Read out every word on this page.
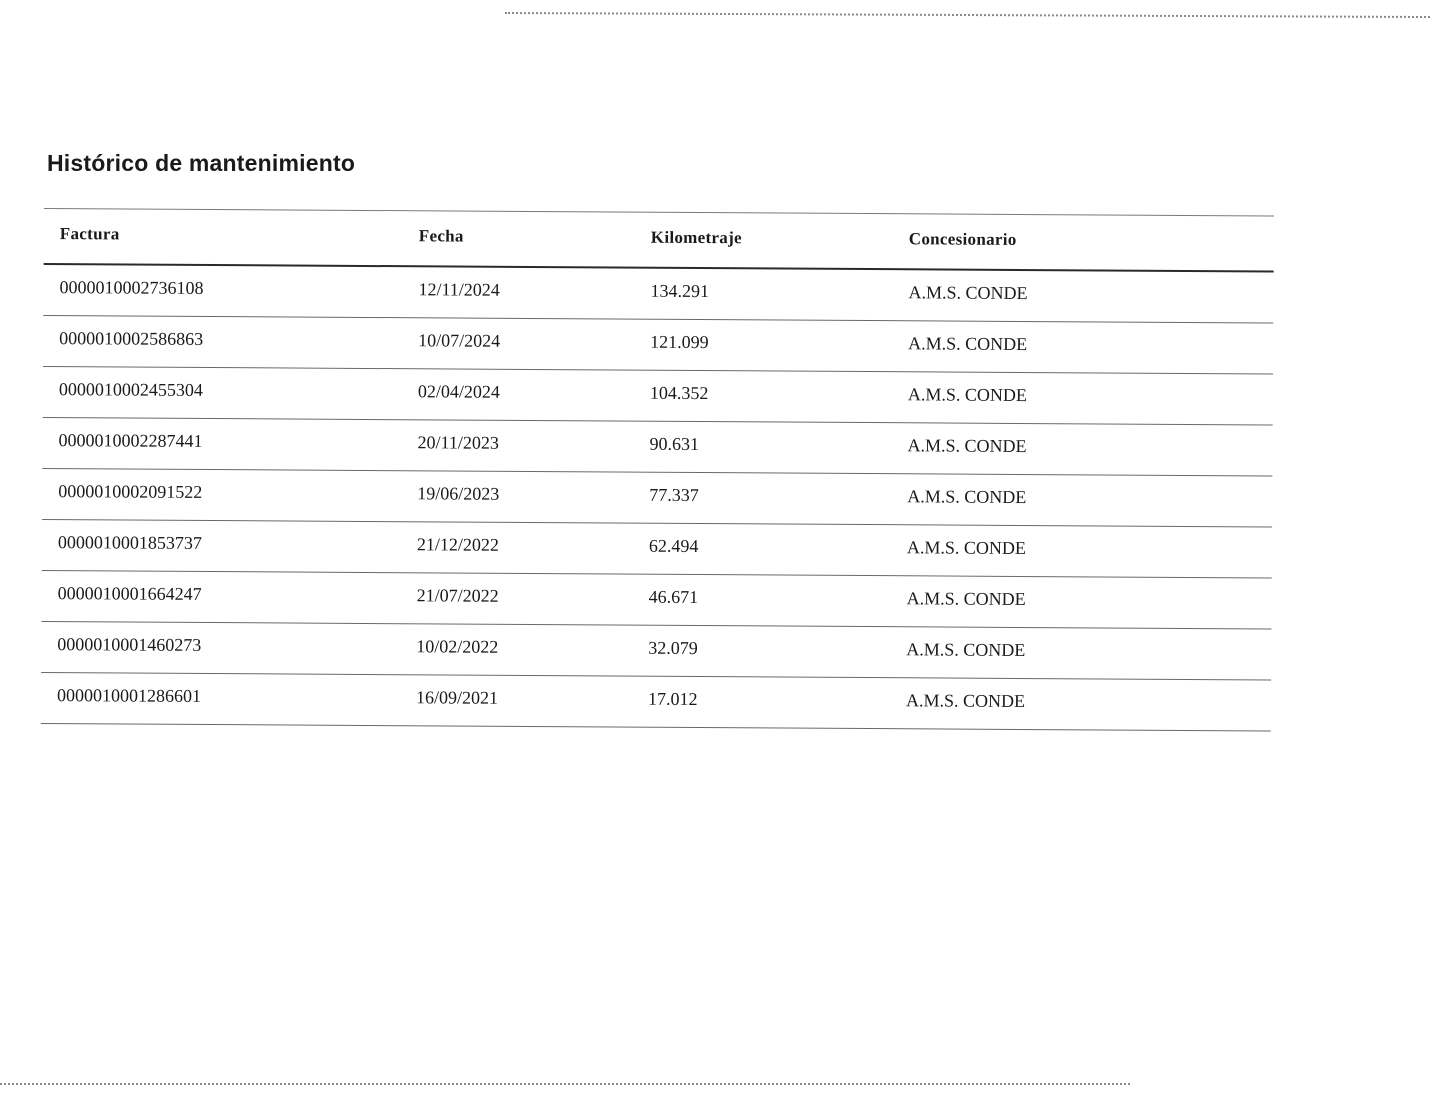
Histórico de mantenimiento
Factura	Fecha	Kilometraje	Concesionario
0000010002736108	12/11/2024	134.291	A.M.S. CONDE
0000010002586863	10/07/2024	121.099	A.M.S. CONDE
0000010002455304	02/04/2024	104.352	A.M.S. CONDE
0000010002287441	20/11/2023	90.631	A.M.S. CONDE
0000010002091522	19/06/2023	77.337	A.M.S. CONDE
0000010001853737	21/12/2022	62.494	A.M.S. CONDE
0000010001664247	21/07/2022	46.671	A.M.S. CONDE
0000010001460273	10/02/2022	32.079	A.M.S. CONDE
0000010001286601	16/09/2021	17.012	A.M.S. CONDE
